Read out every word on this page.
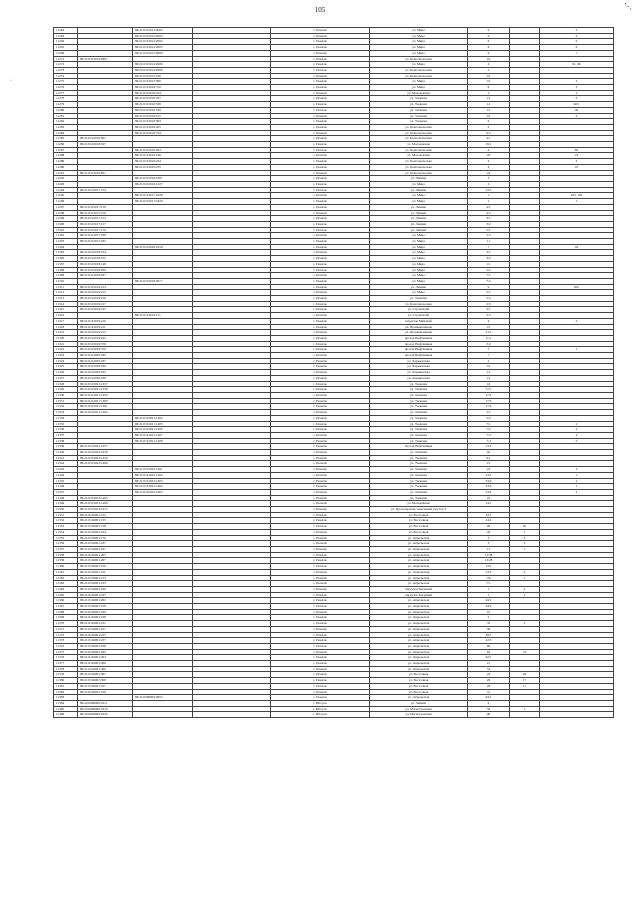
105
·
⋱
11262		86:21:0101012:2002		г. Покачи	ул. Мира	6		2
11263		86:21:0101012:2003		г. Покачи	ул. Мира	6		3
11264		86:21:0101012:2004		г. Покачи	ул. Мира	6		5
11265		86:21:0101012:2005		г. Покачи	ул. Мира	6		6
11266		86:21:0101012:2006		г. Покачи	ул. Мира	6		7
11271	86:21:0101014:2897			г. Покачи	ул. Комсомольская	10		
11272		86:21:0101014:2906		г. Покачи	ул. Мира	4		91, 96
11273		86:21:0101014:2960		г. Покачи	ул. Комсомольская	2		
11274		86:21:0101015:226		г. Покачи	ул. Комсомольская	16		
11275		86:21:0101015:306		г. Покачи	ул. Мира	16		3
11276		86:21:0101016:722		г. Покачи	ул. Мира	9		3
11277		86:21:0101016:224		г. Покачи	ул. Молодежная	5		5
11278		86:21:0101016:337		г. Покачи	ул. Таежная	12		3
11279		86:21:0101016:338		г. Покачи	ул. Таежная	12		46/1
11280		86:21:0101016:339		г. Покачи	ул. Таежная	12		40
11281		86:21:0101016:315		г. Покачи	ул. Таежная	16		3
11282		86:21:0101016:363		г. Покачи	ул. Таежная	6		
11283		86:21:0101016:425		г. Покачи	ул. Комсомольская	2		
11284		86:21:0101016:734		г. Покачи	ул. Комсомольская	9/2		
11285	86:21:0101016:301			г. Покачи	ул. Комсомольская	4/1		
11286	86:21:0101016:327			г. Покачи	ул. Молодежная	19/1		
11287		86:21:0101016:243		г. Покачи	ул. Комсомольская	4		82
11288		86:21:0101016:248		г. Покачи	ул. Молодежная	20		23
11289		86:21:0101016:234		г. Покачи	ул. Комсомольская	2		3
11290		86:21:0101016:235		г. Покачи	ул. Комсомольская	4		23
11291	86:21:0101016:851			г. Покачи	ул. Комсомольская	24		
11292		86:21:0101016:1087		г. Покачи	ул. Ленина	3		
11293		86:21:0101016:1327		г. Покачи	ул. Мира	2		
11294	86:21:0101017:154			г. Покачи	ул. Ленина	12/1		
11295		86:21:0101017:1628		г. Покачи	ул. Мира	1		102, 103
11296		86:21:0101017:1629		г. Покачи	ул. Мира	1		1
11297	86:21:0101017:158			г. Покачи	ул. Ленина	4/1		
11298	86:21:0101017:159			г. Покачи	ул. Ленина	4/2		
11299	86:21:0101017:153			г. Покачи	ул. Ленина	3/1		
11300	86:21:0101017:157			г. Покачи	ул. Ленина	3/2		
11301	86:21:0101017:179			г. Покачи	ул. Ленина	5/1		
11302	86:21:0101017:180			г. Покачи	ул. Мира	5/2		
11303	86:21:0101017:182			г. Покачи	ул. Мира	11		
11304		86:21:0101018:1958		г. Покачи	ул. Мира	7		43
11305	86:21:0101018:104			г. Покачи	ул. Мира	3/1		
11306	86:21:0101018:105			г. Покачи	ул. Мира	3/2		
11307	86:21:0101018:148			г. Покачи	ул. Мира	1/1		
11308	86:21:0101018:200			г. Покачи	ул. Мира	1/2		
11309	86:21:0101018:207			г. Покачи	ул. Мира	7/1		
11310		86:21:0101018:2017		г. Покачи	ул. Мира	7/2		
11311	86:21:0101019:213			г. Покачи	ул. Ленина	9		83а
11312	86:21:0101019:215			г. Покачи	ул. Мира	2/1		
11313	86:21:0101019:216			г. Покачи	ул. Таежная	2/2		
11314	86:21:0101019:217			г. Покачи	ул. Комсомольская	2/3		
11315	86:21:0101019:145			г. Покачи	ул. Строителей	3/1		
11316		86:21:0101019:151		г. Покачи	ул. Строителей	3/2		
11317	86:21:0101019:210			г. Покачи	переулок Майский	3		2
11318	86:21:0101019:211			г. Покачи	ул. Промышленная	21		
11319	86:21:0101019:212			г. Покачи	ул. Промышленная	21/1		
11320	86:21:0101019:242			г. Покачи	проезд Нефтяников	11/1		
11321	86:21:0101019:376			г. Покачи	проезд Нефтяников	3/2		
11322	86:21:0101019:379			г. Покачи	проезд Нефтяников	5		1
11323	86:21:0101020:182			г. Покачи	проезд Нефтяников	7		
11324	86:21:0101020:187			г. Покачи	ул. Харьковская	2		
11325	86:21:0101020:190			г. Покачи	ул. Харьковская	10		
11326	86:21:0101020:195			г. Покачи	ул. Харьковская	12		
11327	86:21:0101020:198			г. Покачи	ул. Харьковская	14		
11328	86:21:0101021:1357			г. Покачи	ул. Таежная	16		
11329	86:21:0101021:1358			г. Покачи	ул. Таежная	17/1		
11330	86:21:0101021:1359			г. Покачи	ул. Таежная	17/2		
11331	86:21:0101021:1360			г. Покачи	ул. Таежная	17/3		
11332	86:21:0101021:1361			г. Покачи	ул. Таежная	17/4		
11333	86:21:0101021:1362			г. Покачи	ул. Таежная	5/1		
11334		86:21:0101021:1404		г. Покачи	ул. Таежная	5/2		
11335		86:21:0101021:1405		г. Покачи	ул. Таежная	7/1		2
11336		86:21:0101021:1406		г. Покачи	ул. Таежная	7/2		3
11337		86:21:0101021:1407		г. Покачи	ул. Таежная	7/3		4
11338		86:21:0101021:1408		г. Покачи	ул. Таежная	7/4		5
11339	86:21:0101022:1457			г. Покачи	проезд Нефтяников	14/1		
11340	86:21:0101022:1458			г. Покачи	ул. Таежная	9а		
11341	86:21:0101022:1459			г. Покачи	ул. Таежная	9/1		
11342	86:21:0101022:1460			г. Покачи	ул. Таежная	21		
11343		86:21:0101022:1461		г. Покачи	ул. Таежная	23		3
11344		86:21:0101022:1462		г. Покачи	ул. Таежная	23/1		1
11345		86:21:0101022:1463		г. Покачи	ул. Таежная	23/2		2
11346		86:21:0101022:1464		г. Покачи	ул. Таежная	23/3		1
11347		86:21:0101022:1465		г. Покачи	ул. Таежная	23/4		2
11348	86:21:0101023:1465			г. Покачи	ул. Таежная	25		
11349	86:21:0101023:1466			г. Покачи	ул. Молодежная	14/1		
11350	86:21:0101023:1472			г. Покачи	ул. Пролетарская, земельный участок 3			
11351	86:21:0102001:152			г. Покачи	ул. Восточная	19/1		
11352	86:21:0102001:155			г. Покачи	ул. Восточная	24/2		
11353	86:21:0102001:158			г. Покачи	ул. Восточная	26	45	
11354	86:21:0102001:164			г. Покачи	ул. Восточная	26	1	
11355	86:21:0102001:176			г. Покачи	ул. Апрельская	3	3	
11356	86:21:0102001:187			г. Покачи	ул. Апрельская	3	3	
11357	86:21:0102001:191			г. Покачи	ул. Апрельская	11	1	
11358	86:21:0102001:205			г. Покачи	ул. Апрельская	21/38		
11359	86:21:0102001:207			г. Покачи	ул. Апрельская	13/28		
11360	86:21:0102001:210			г. Покачи	ул. Апрельская	13/1		
11361	86:21:0102001:211			г. Покачи	ул. Апрельская	13/2	2	
11362	86:21:0102001:213			г. Покачи	ул. Апрельская	13а	1	
11363	86:21:0102001:195			г. Покачи	ул. Апрельская	7/1		
11364	86:21:0102001:196			г. Покачи	переулок Звездный	1	2	
11365	86:21:0102001:197			г. Покачи	переулок Звездный	1	2	
11366	86:21:0102001:202			г. Покачи	ул. Апрельская	44/1		
11367	86:21:0102001:218			г. Покачи	ул. Апрельская	44/2		
11368	86:21:0102001:220			г. Покачи	ул. Апрельская	47		
11369	86:21:0102001:228			г. Покачи	ул. Апрельская	2		
11370	86:21:0102001:231			г. Покачи	ул. Апрельская	32	1	
11371	86:21:0102001:251			г. Покачи	ул. Апрельская	36		
11372	86:21:0102001:255			г. Покачи	ул. Апрельская	28/1		
11373	86:21:0102001:257			г. Покачи	ул. Апрельская	22/3		
11374	86:21:0102001:258			г. Покачи	ул. Апрельская	60		
11375	86:21:0102001:262			г. Покачи	ул. Апрельская	62	12	
11376	86:21:0102001:264			г. Покачи	ул. Апрельская	62/1		
11377	86:21:0102001:266			г. Покачи	ул. Апрельская	21		
11378	86:21:0102001:306			г. Покачи	ул. Апрельская	54		
11379	86:21:0102001:307			г. Покачи	ул. Восточная	24	29	
11380	86:21:0102001:308			г. Покачи	ул. Восточная	29	17	
11381	86:21:0102001:317			г. Покачи	ул. Восточная	29	11	
11382	86:21:0102001:319			г. Покачи	ул. Восточная	31		
11383		86:21:0200003:2653		г. Покачи	ул. Апрельская	64/1		
11384	86:22:0000000:1611			г. Югорск	ул. Ленина	6		
11385	86:22:0000000:1619			г. Югорск	ул. Магистральная	34	1	
11386	86:22:0000000:1620			г. Югорск	ул. Магистральная	40		
